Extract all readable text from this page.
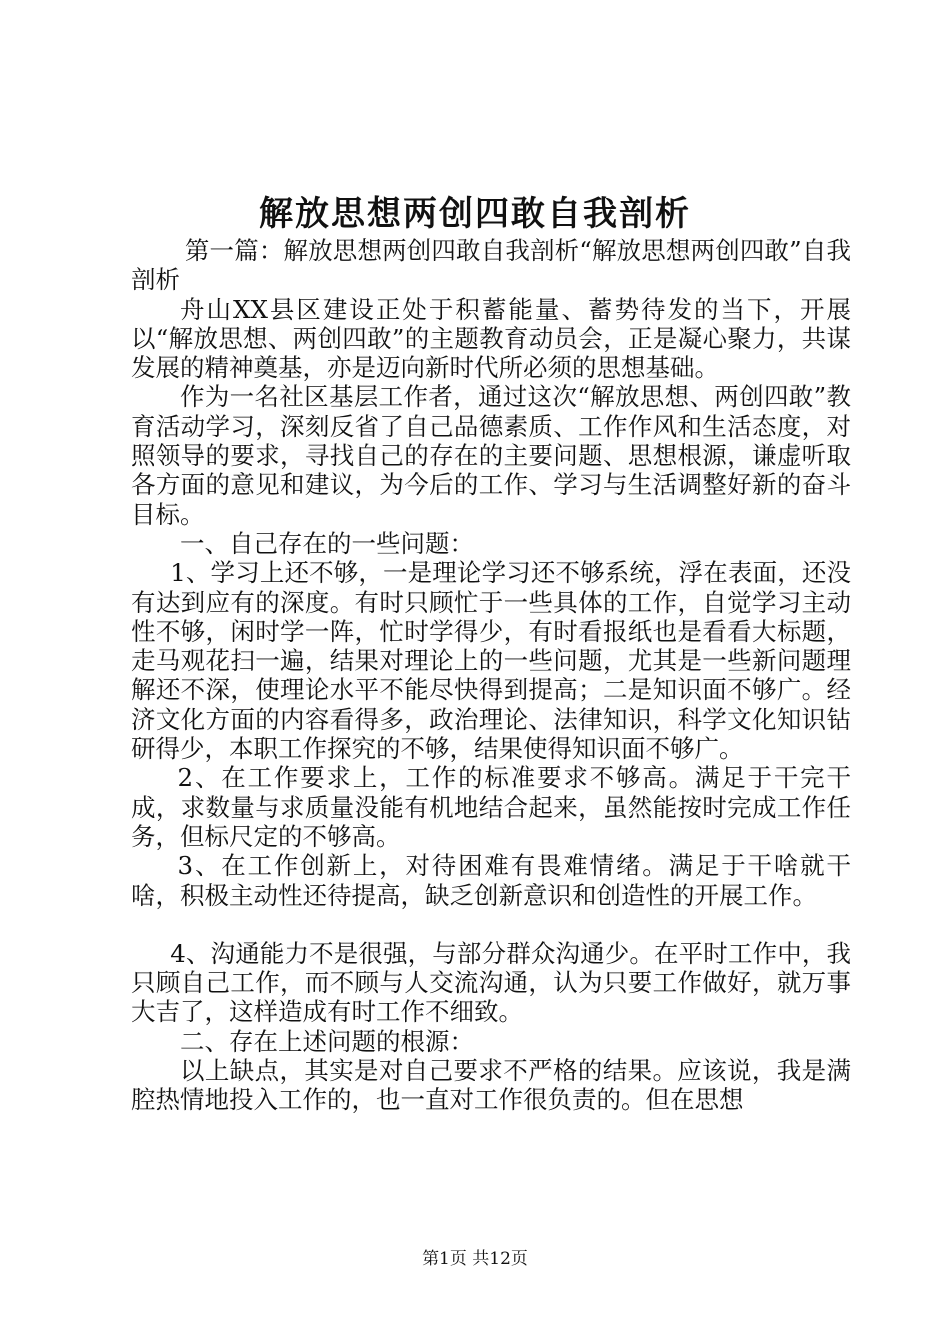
解放思想两创四敢自我剖析

第一篇：解放思想两创四敢自我剖析“解放思想两创四敢”自我剖析

舟山XX县区建设正处于积蓄能量、蓄势待发的当下，开展以“解放思想、两创四敢”的主题教育动员会，正是凝心聚力，共谋发展的精神奠基，亦是迈向新时代所必须的思想基础。

作为一名社区基层工作者，通过这次“解放思想、两创四敢”教育活动学习，深刻反省了自己品德素质、工作作风和生活态度，对照领导的要求，寻找自己的存在的主要问题、思想根源，谦虚听取各方面的意见和建议，为今后的工作、学习与生活调整好新的奋斗目标。

一、自己存在的一些问题：

1、学习上还不够，一是理论学习还不够系统，浮在表面，还没有达到应有的深度。有时只顾忙于一些具体的工作，自觉学习主动性不够，闲时学一阵，忙时学得少，有时看报纸也是看看大标题，走马观花扫一遍，结果对理论上的一些问题，尤其是一些新问题理解还不深，使理论水平不能尽快得到提高；二是知识面不够广。经济文化方面的内容看得多，政治理论、法律知识，科学文化知识钻研得少，本职工作探究的不够，结果使得知识面不够广。

2、在工作要求上，工作的标准要求不够高。满足于干完干成，求数量与求质量没能有机地结合起来，虽然能按时完成工作任务，但标尺定的不够高。

3、在工作创新上，对待困难有畏难情绪。满足于干啥就干啥，积极主动性还待提高，缺乏创新意识和创造性的开展工作。

4、沟通能力不是很强，与部分群众沟通少。在平时工作中，我只顾自己工作，而不顾与人交流沟通，认为只要工作做好，就万事大吉了，这样造成有时工作不细致。

二、存在上述问题的根源：

以上缺点，其实是对自己要求不严格的结果。应该说，我是满腔热情地投入工作的，也一直对工作很负责的。但在思想

第1页 共12页
